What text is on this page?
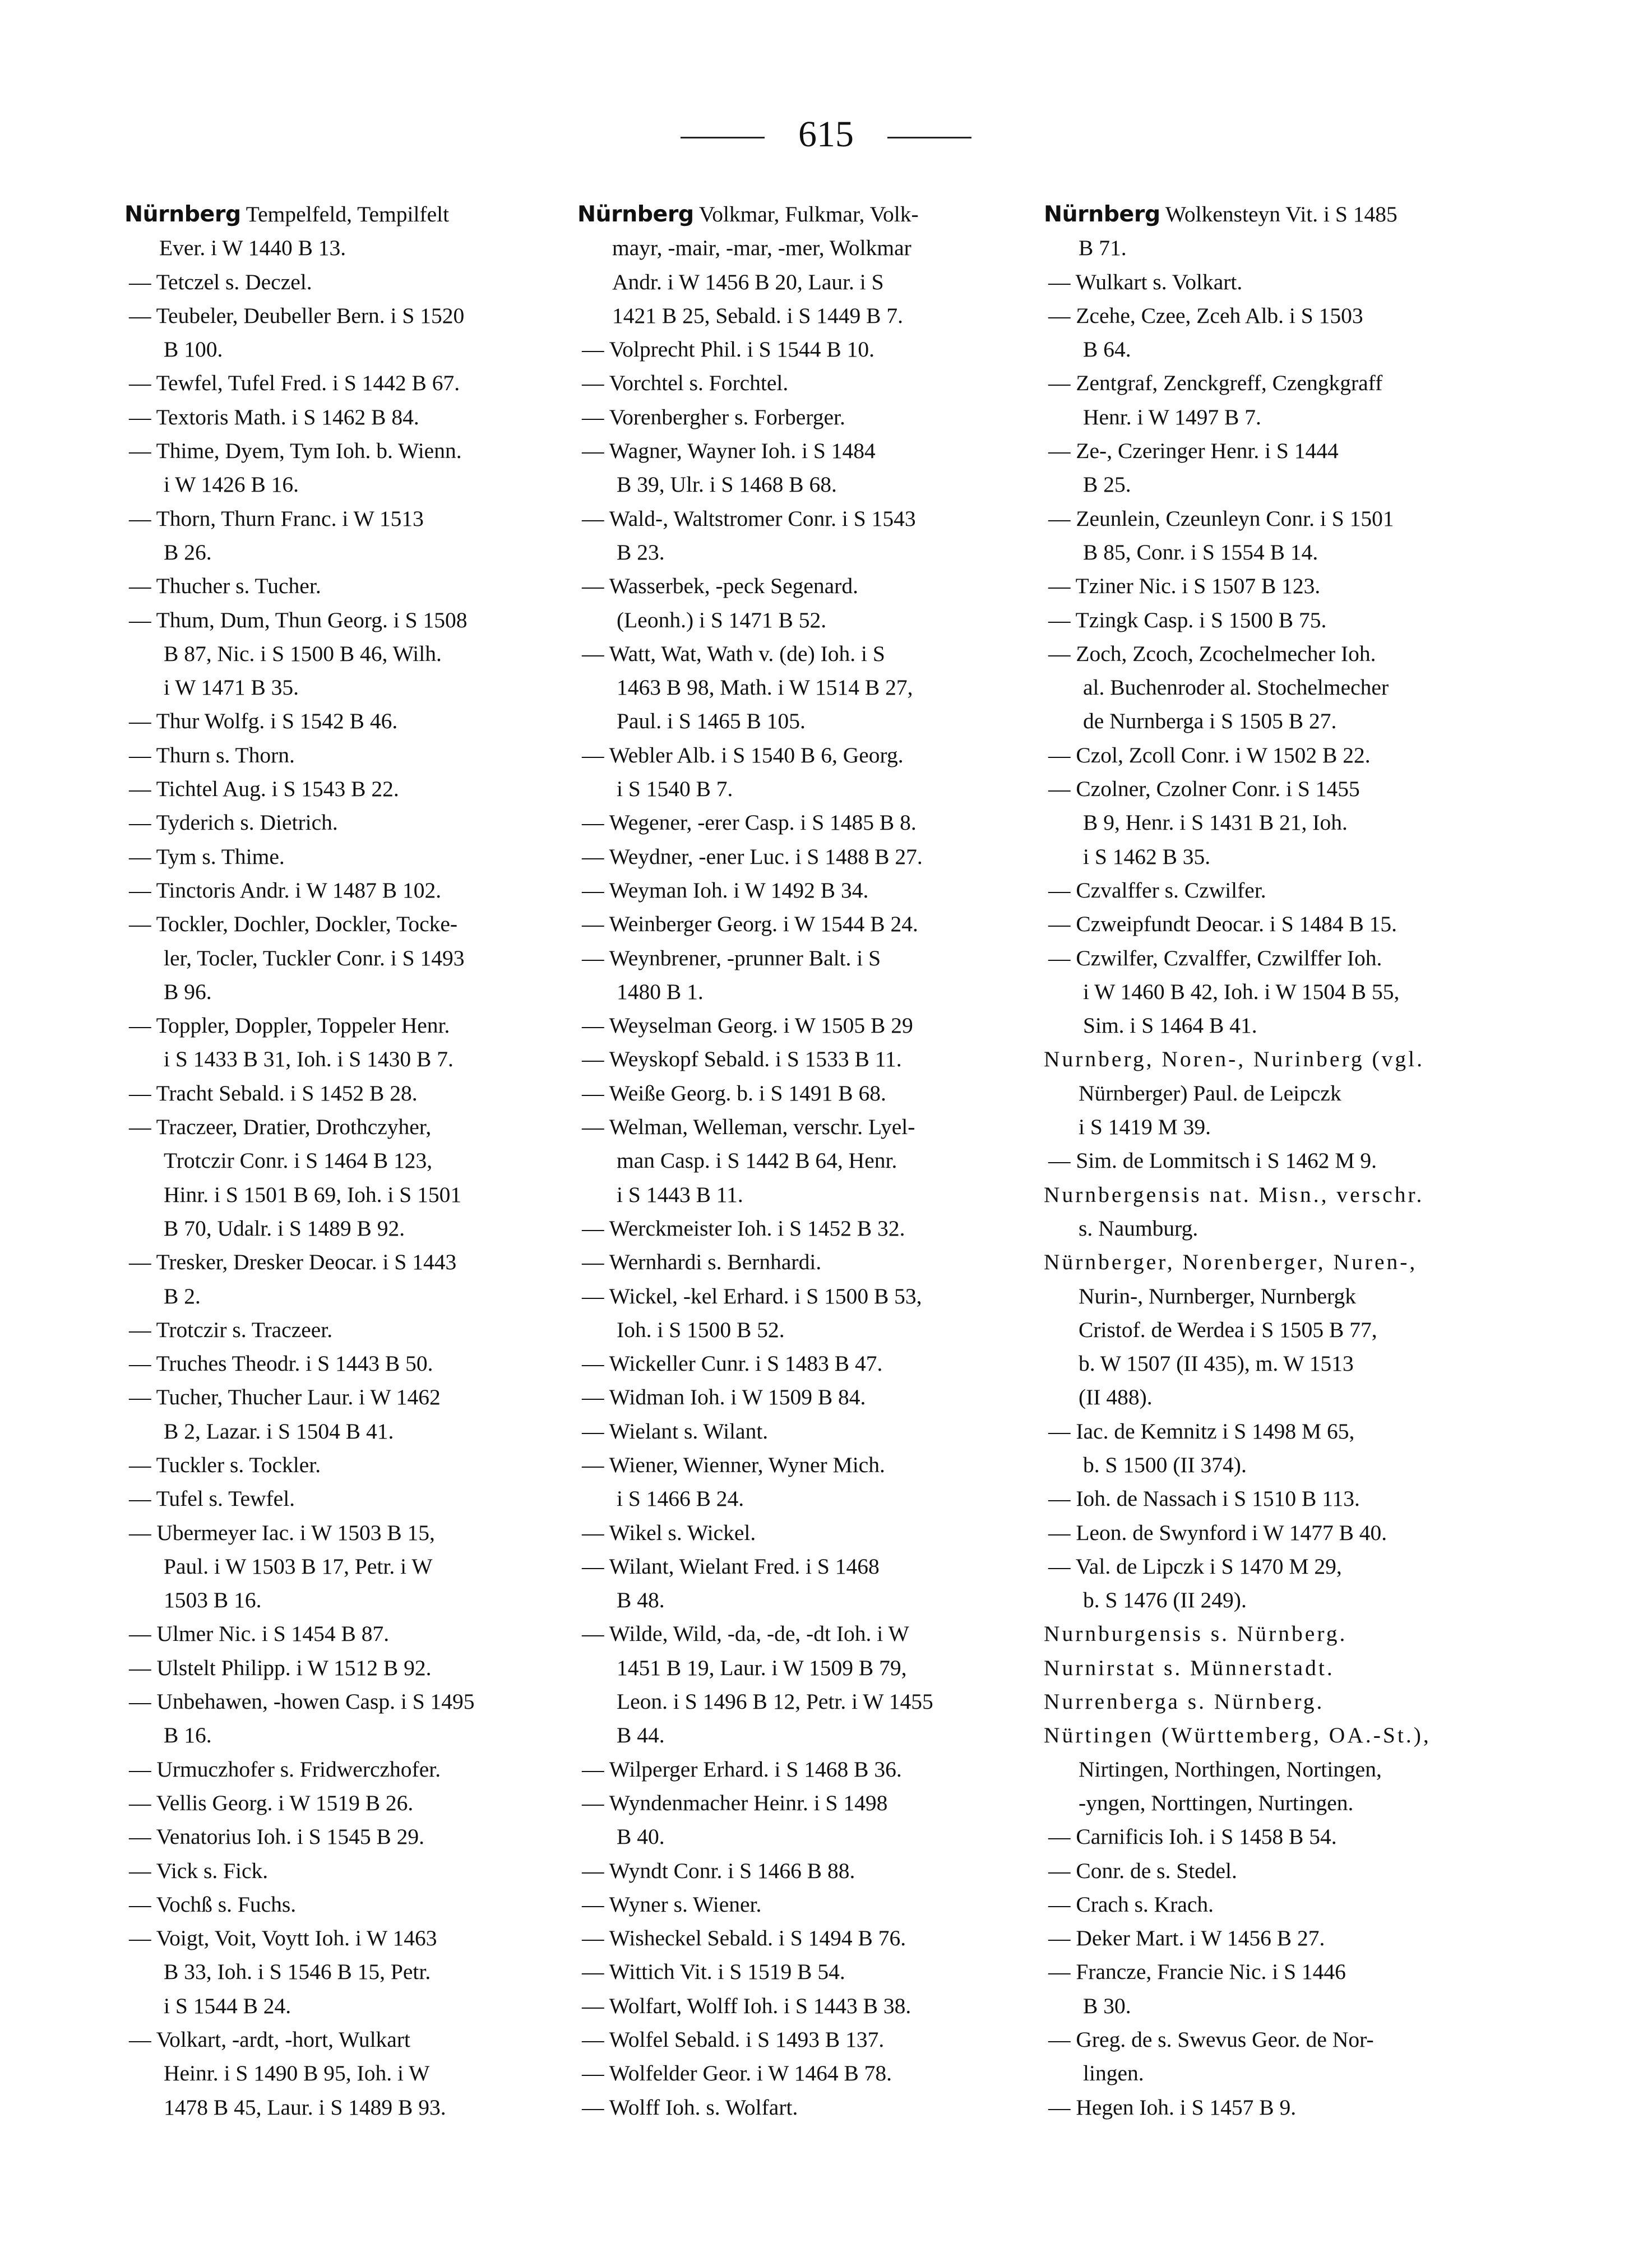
615
Nürnberg Tempelfeld, Tempilfelt
Ever. i W 1440 B 13.
— Tetczel s. Deczel.
— Teubeler, Deubeller Bern. i S 1520
B 100.
— Tewfel, Tufel Fred. i S 1442 B 67.
— Textoris Math. i S 1462 B 84.
— Thime, Dyem, Tym Ioh. b. Wienn.
i W 1426 B 16.
— Thorn, Thurn Franc. i W 1513
B 26.
— Thucher s. Tucher.
— Thum, Dum, Thun Georg. i S 1508
B 87, Nic. i S 1500 B 46, Wilh.
i W 1471 B 35.
— Thur Wolfg. i S 1542 B 46.
— Thurn s. Thorn.
— Tichtel Aug. i S 1543 B 22.
— Tyderich s. Dietrich.
— Tym s. Thime.
— Tinctoris Andr. i W 1487 B 102.
— Tockler, Dochler, Dockler, Tocke-
ler, Tocler, Tuckler Conr. i S 1493
B 96.
— Toppler, Doppler, Toppeler Henr.
i S 1433 B 31, Ioh. i S 1430 B 7.
— Tracht Sebald. i S 1452 B 28.
— Traczeer, Dratier, Drothczyher,
Trotczir Conr. i S 1464 B 123,
Hinr. i S 1501 B 69, Ioh. i S 1501
B 70, Udalr. i S 1489 B 92.
— Tresker, Dresker Deocar. i S 1443
B 2.
— Trotczir s. Traczeer.
— Truches Theodr. i S 1443 B 50.
— Tucher, Thucher Laur. i W 1462
B 2, Lazar. i S 1504 B 41.
— Tuckler s. Tockler.
— Tufel s. Tewfel.
— Ubermeyer Iac. i W 1503 B 15,
Paul. i W 1503 B 17, Petr. i W
1503 B 16.
— Ulmer Nic. i S 1454 B 87.
— Ulstelt Philipp. i W 1512 B 92.
— Unbehawen, -howen Casp. i S 1495
B 16.
— Urmuczhofer s. Fridwerczhofer.
— Vellis Georg. i W 1519 B 26.
— Venatorius Ioh. i S 1545 B 29.
— Vick s. Fick.
— Vochß s. Fuchs.
— Voigt, Voit, Voytt Ioh. i W 1463
B 33, Ioh. i S 1546 B 15, Petr.
i S 1544 B 24.
— Volkart, -ardt, -hort, Wulkart
Heinr. i S 1490 B 95, Ioh. i W
1478 B 45, Laur. i S 1489 B 93.
Nürnberg Volkmar, Fulkmar, Volk-
mayr, -mair, -mar, -mer, Wolkmar
Andr. i W 1456 B 20, Laur. i S
1421 B 25, Sebald. i S 1449 B 7.
— Volprecht Phil. i S 1544 B 10.
— Vorchtel s. Forchtel.
— Vorenbergher s. Forberger.
— Wagner, Wayner Ioh. i S 1484
B 39, Ulr. i S 1468 B 68.
— Wald-, Waltstromer Conr. i S 1543
B 23.
— Wasserbek, -peck Segenard.
(Leonh.) i S 1471 B 52.
— Watt, Wat, Wath v. (de) Ioh. i S
1463 B 98, Math. i W 1514 B 27,
Paul. i S 1465 B 105.
— Webler Alb. i S 1540 B 6, Georg.
i S 1540 B 7.
— Wegener, -erer Casp. i S 1485 B 8.
— Weydner, -ener Luc. i S 1488 B 27.
— Weyman Ioh. i W 1492 B 34.
— Weinberger Georg. i W 1544 B 24.
— Weynbrener, -prunner Balt. i S
1480 B 1.
— Weyselman Georg. i W 1505 B 29
— Weyskopf Sebald. i S 1533 B 11.
— Weiße Georg. b. i S 1491 B 68.
— Welman, Welleman, verschr. Lyel-
man Casp. i S 1442 B 64, Henr.
i S 1443 B 11.
— Werckmeister Ioh. i S 1452 B 32.
— Wernhardi s. Bernhardi.
— Wickel, -kel Erhard. i S 1500 B 53,
Ioh. i S 1500 B 52.
— Wickeller Cunr. i S 1483 B 47.
— Widman Ioh. i W 1509 B 84.
— Wielant s. Wilant.
— Wiener, Wienner, Wyner Mich.
i S 1466 B 24.
— Wikel s. Wickel.
— Wilant, Wielant Fred. i S 1468
B 48.
— Wilde, Wild, -da, -de, -dt Ioh. i W
1451 B 19, Laur. i W 1509 B 79,
Leon. i S 1496 B 12, Petr. i W 1455
B 44.
— Wilperger Erhard. i S 1468 B 36.
— Wyndenmacher Heinr. i S 1498
B 40.
— Wyndt Conr. i S 1466 B 88.
— Wyner s. Wiener.
— Wisheckel Sebald. i S 1494 B 76.
— Wittich Vit. i S 1519 B 54.
— Wolfart, Wolff Ioh. i S 1443 B 38.
— Wolfel Sebald. i S 1493 B 137.
— Wolfelder Geor. i W 1464 B 78.
— Wolff Ioh. s. Wolfart.
Nürnberg Wolkensteyn Vit. i S 1485
B 71.
— Wulkart s. Volkart.
— Zcehe, Czee, Zceh Alb. i S 1503
B 64.
— Zentgraf, Zenckgreff, Czengkgraff
Henr. i W 1497 B 7.
— Ze-, Czeringer Henr. i S 1444
B 25.
— Zeunlein, Czeunleyn Conr. i S 1501
B 85, Conr. i S 1554 B 14.
— Tziner Nic. i S 1507 B 123.
— Tzingk Casp. i S 1500 B 75.
— Zoch, Zcoch, Zcochelmecher Ioh.
al. Buchenroder al. Stochelmecher
de Nurnberga i S 1505 B 27.
— Czol, Zcoll Conr. i W 1502 B 22.
— Czolner, Czolner Conr. i S 1455
B 9, Henr. i S 1431 B 21, Ioh.
i S 1462 B 35.
— Czvalffer s. Czwilfer.
— Czweipfundt Deocar. i S 1484 B 15.
— Czwilfer, Czvalffer, Czwilffer Ioh.
i W 1460 B 42, Ioh. i W 1504 B 55,
Sim. i S 1464 B 41.
Nurnberg, Noren-, Nurinberg (vgl.
Nürnberger) Paul. de Leipczk
i S 1419 M 39.
— Sim. de Lommitsch i S 1462 M 9.
Nurnbergensis nat. Misn., verschr.
s. Naumburg.
Nürnberger, Norenberger, Nuren-,
Nurin-, Nurnberger, Nurnbergk
Cristof. de Werdea i S 1505 B 77,
b. W 1507 (II 435), m. W 1513
(II 488).
— Iac. de Kemnitz i S 1498 M 65,
b. S 1500 (II 374).
— Ioh. de Nassach i S 1510 B 113.
— Leon. de Swynford i W 1477 B 40.
— Val. de Lipczk i S 1470 M 29,
b. S 1476 (II 249).
Nurnburgensis s. Nürnberg.
Nurnirstat s. Münnerstadt.
Nurrenberga s. Nürnberg.
Nürtingen (Württemberg, OA.-St.),
Nirtingen, Northingen, Nortingen,
-yngen, Norttingen, Nurtingen.
— Carnificis Ioh. i S 1458 B 54.
— Conr. de s. Stedel.
— Crach s. Krach.
— Deker Mart. i W 1456 B 27.
— Francze, Francie Nic. i S 1446
B 30.
— Greg. de s. Swevus Geor. de Nor-
lingen.
— Hegen Ioh. i S 1457 B 9.
